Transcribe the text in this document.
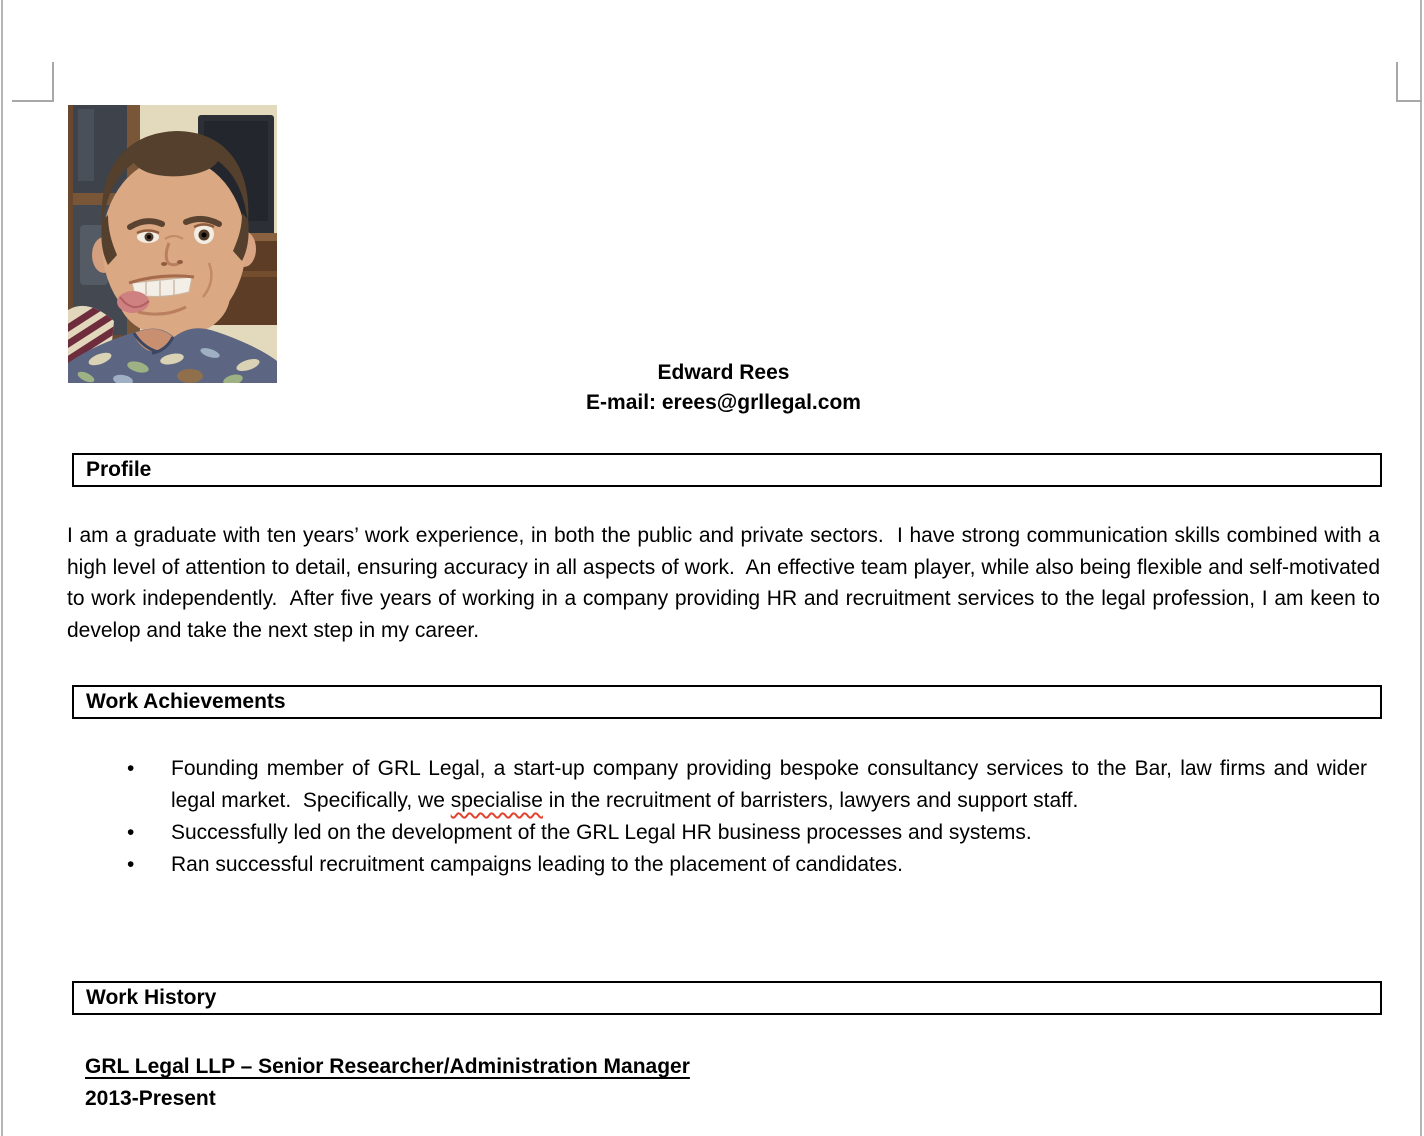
Edward Rees
E-mail: erees@grllegal.com
Profile
I am a graduate with ten years’ work experience, in both the public and private sectors.  I have strong communication skills combined with a high level of attention to detail, ensuring accuracy in all aspects of work.  An effective team player, while also being flexible and self-motivated to work independently.  After five years of working in a company providing HR and recruitment services to the legal profession, I am keen to develop and take the next step in my career.
Work Achievements
•	Founding member of GRL Legal, a start-up company providing bespoke consultancy services to the Bar, law firms and wider legal market.  Specifically, we specialise in the recruitment of barristers, lawyers and support staff.
•	Successfully led on the development of the GRL Legal HR business processes and systems.
•	Ran successful recruitment campaigns leading to the placement of candidates.
Work History
GRL Legal LLP – Senior Researcher/Administration Manager
2013-Present
